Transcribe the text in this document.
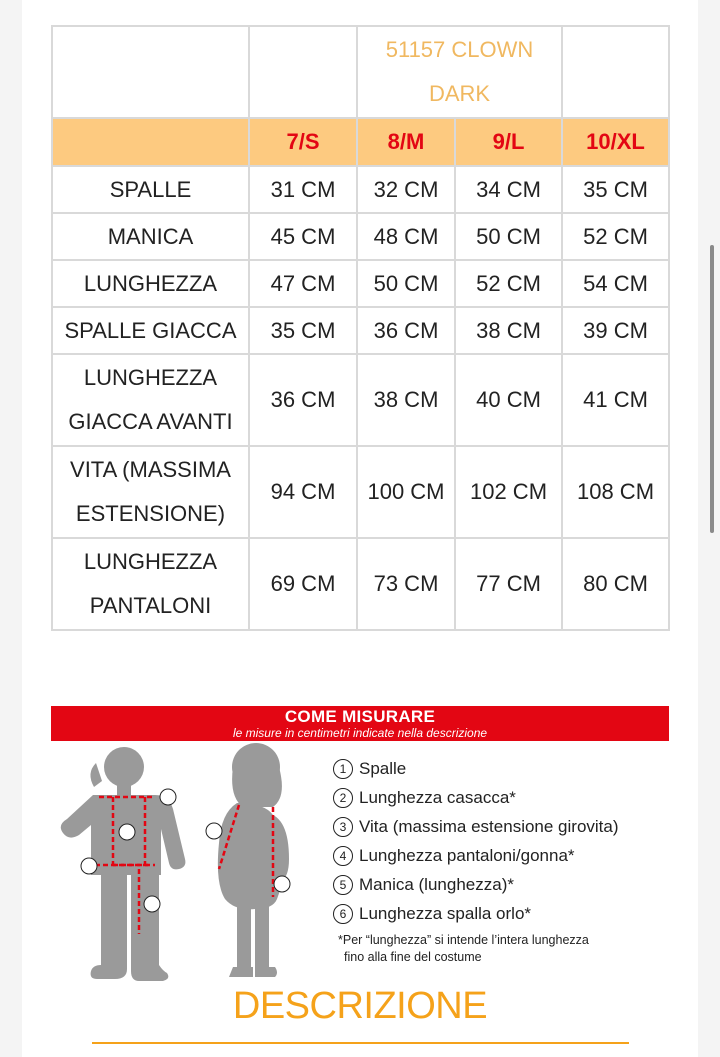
		51157 CLOWN
DARK		
	7/S	8/M	9/L	10/XL
SPALLE	31 CM	32 CM	34 CM	35 CM
MANICA	45 CM	48 CM	50 CM	52 CM
LUNGHEZZA	47 CM	50 CM	52 CM	54 CM
SPALLE GIACCA	35 CM	36 CM	38 CM	39 CM
LUNGHEZZA
GIACCA AVANTI	36 CM	38 CM	40 CM	41 CM
VITA (MASSIMA
ESTENSIONE)	94 CM	100 CM	102 CM	108 CM
LUNGHEZZA
PANTALONI	69 CM	73 CM	77 CM	80 CM
COME MISURARE
le misure in centimetri indicate nella descrizione
1 Spalle
2 Lunghezza casacca*
3 Vita (massima estensione girovita)
4 Lunghezza pantaloni/gonna*
5 Manica (lunghezza)*
6 Lunghezza spalla orlo*
*Per “lunghezza” si intende l’intera lunghezza
fino alla fine del costume
DESCRIZIONE
